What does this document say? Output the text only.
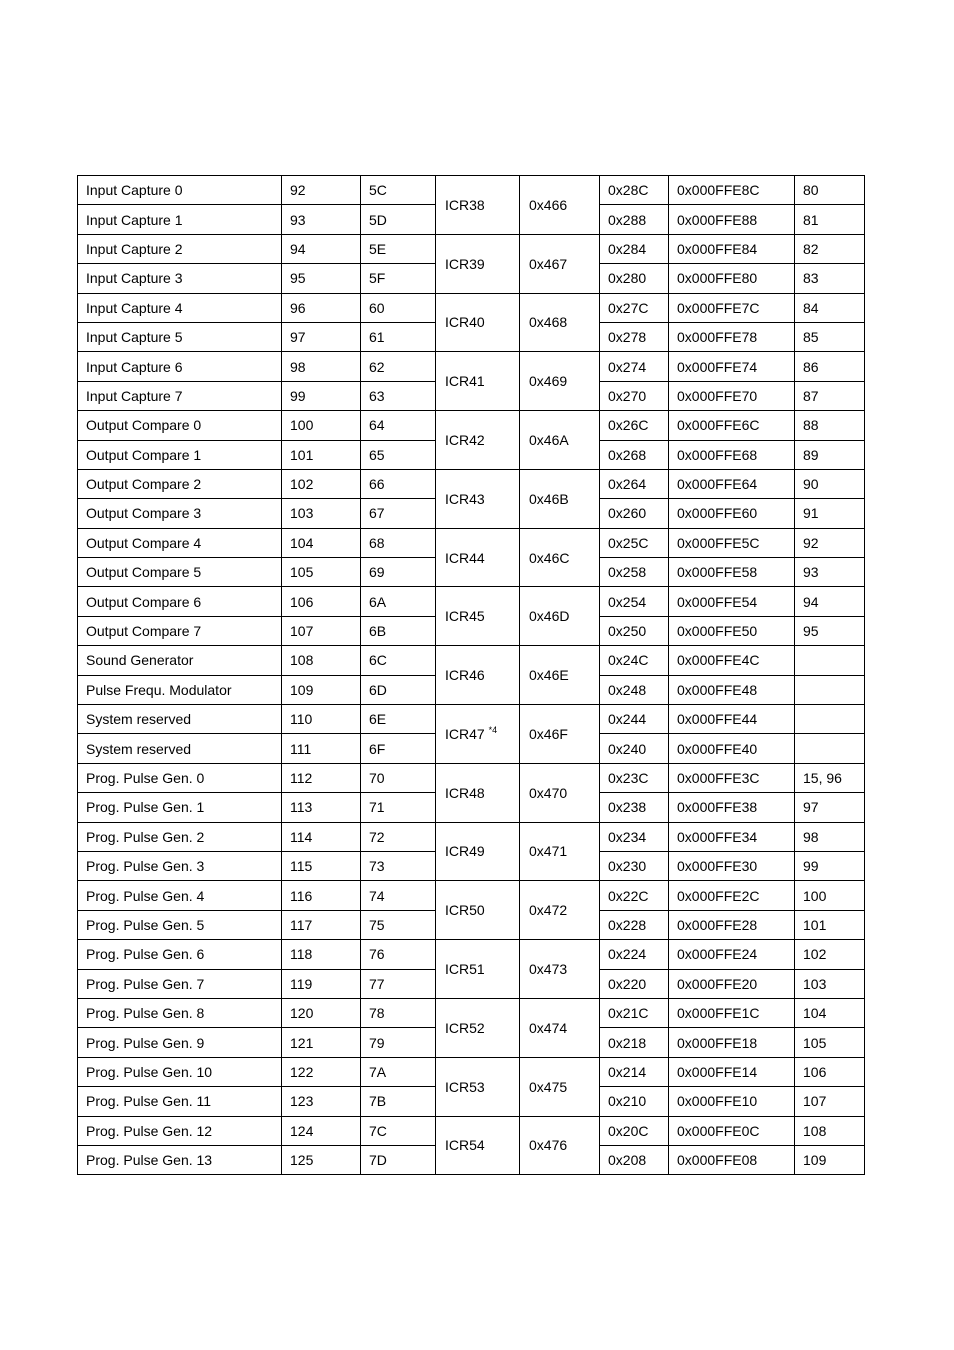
Input Capture 0	92	5C	ICR38	0x466	0x28C	0x000FFE8C	80
Input Capture 1	93	5D			0x288	0x000FFE88	81
Input Capture 2	94	5E	ICR39	0x467	0x284	0x000FFE84	82
Input Capture 3	95	5F			0x280	0x000FFE80	83
Input Capture 4	96	60	ICR40	0x468	0x27C	0x000FFE7C	84
Input Capture 5	97	61			0x278	0x000FFE78	85
Input Capture 6	98	62	ICR41	0x469	0x274	0x000FFE74	86
Input Capture 7	99	63			0x270	0x000FFE70	87
Output Compare 0	100	64	ICR42	0x46A	0x26C	0x000FFE6C	88
Output Compare 1	101	65			0x268	0x000FFE68	89
Output Compare 2	102	66	ICR43	0x46B	0x264	0x000FFE64	90
Output Compare 3	103	67			0x260	0x000FFE60	91
Output Compare 4	104	68	ICR44	0x46C	0x25C	0x000FFE5C	92
Output Compare 5	105	69			0x258	0x000FFE58	93
Output Compare 6	106	6A	ICR45	0x46D	0x254	0x000FFE54	94
Output Compare 7	107	6B			0x250	0x000FFE50	95
Sound Generator	108	6C	ICR46	0x46E	0x24C	0x000FFE4C	
Pulse Frequ. Modulator	109	6D			0x248	0x000FFE48	
System reserved	110	6E	ICR47 $^{*4}$	0x46F	0x244	0x000FFE44	
System reserved	111	6F			0x240	0x000FFE40	
Prog. Pulse Gen. 0	112	70	ICR48	0x470	0x23C	0x000FFE3C	15, 96
Prog. Pulse Gen. 1	113	71			0x238	0x000FFE38	97
Prog. Pulse Gen. 2	114	72	ICR49	0x471	0x234	0x000FFE34	98
Prog. Pulse Gen. 3	115	73			0x230	0x000FFE30	99
Prog. Pulse Gen. 4	116	74	ICR50	0x472	0x22C	0x000FFE2C	100
Prog. Pulse Gen. 5	117	75			0x228	0x000FFE28	101
Prog. Pulse Gen. 6	118	76	ICR51	0x473	0x224	0x000FFE24	102
Prog. Pulse Gen. 7	119	77			0x220	0x000FFE20	103
Prog. Pulse Gen. 8	120	78	ICR52	0x474	0x21C	0x000FFE1C	104
Prog. Pulse Gen. 9	121	79			0x218	0x000FFE18	105
Prog. Pulse Gen. 10	122	7A	ICR53	0x475	0x214	0x000FFE14	106
Prog. Pulse Gen. 11	123	7B			0x210	0x000FFE10	107
Prog. Pulse Gen. 12	124	7C	ICR54	0x476	0x20C	0x000FFE0C	108
Prog. Pulse Gen. 13	125	7D			0x208	0x000FFE08	109
